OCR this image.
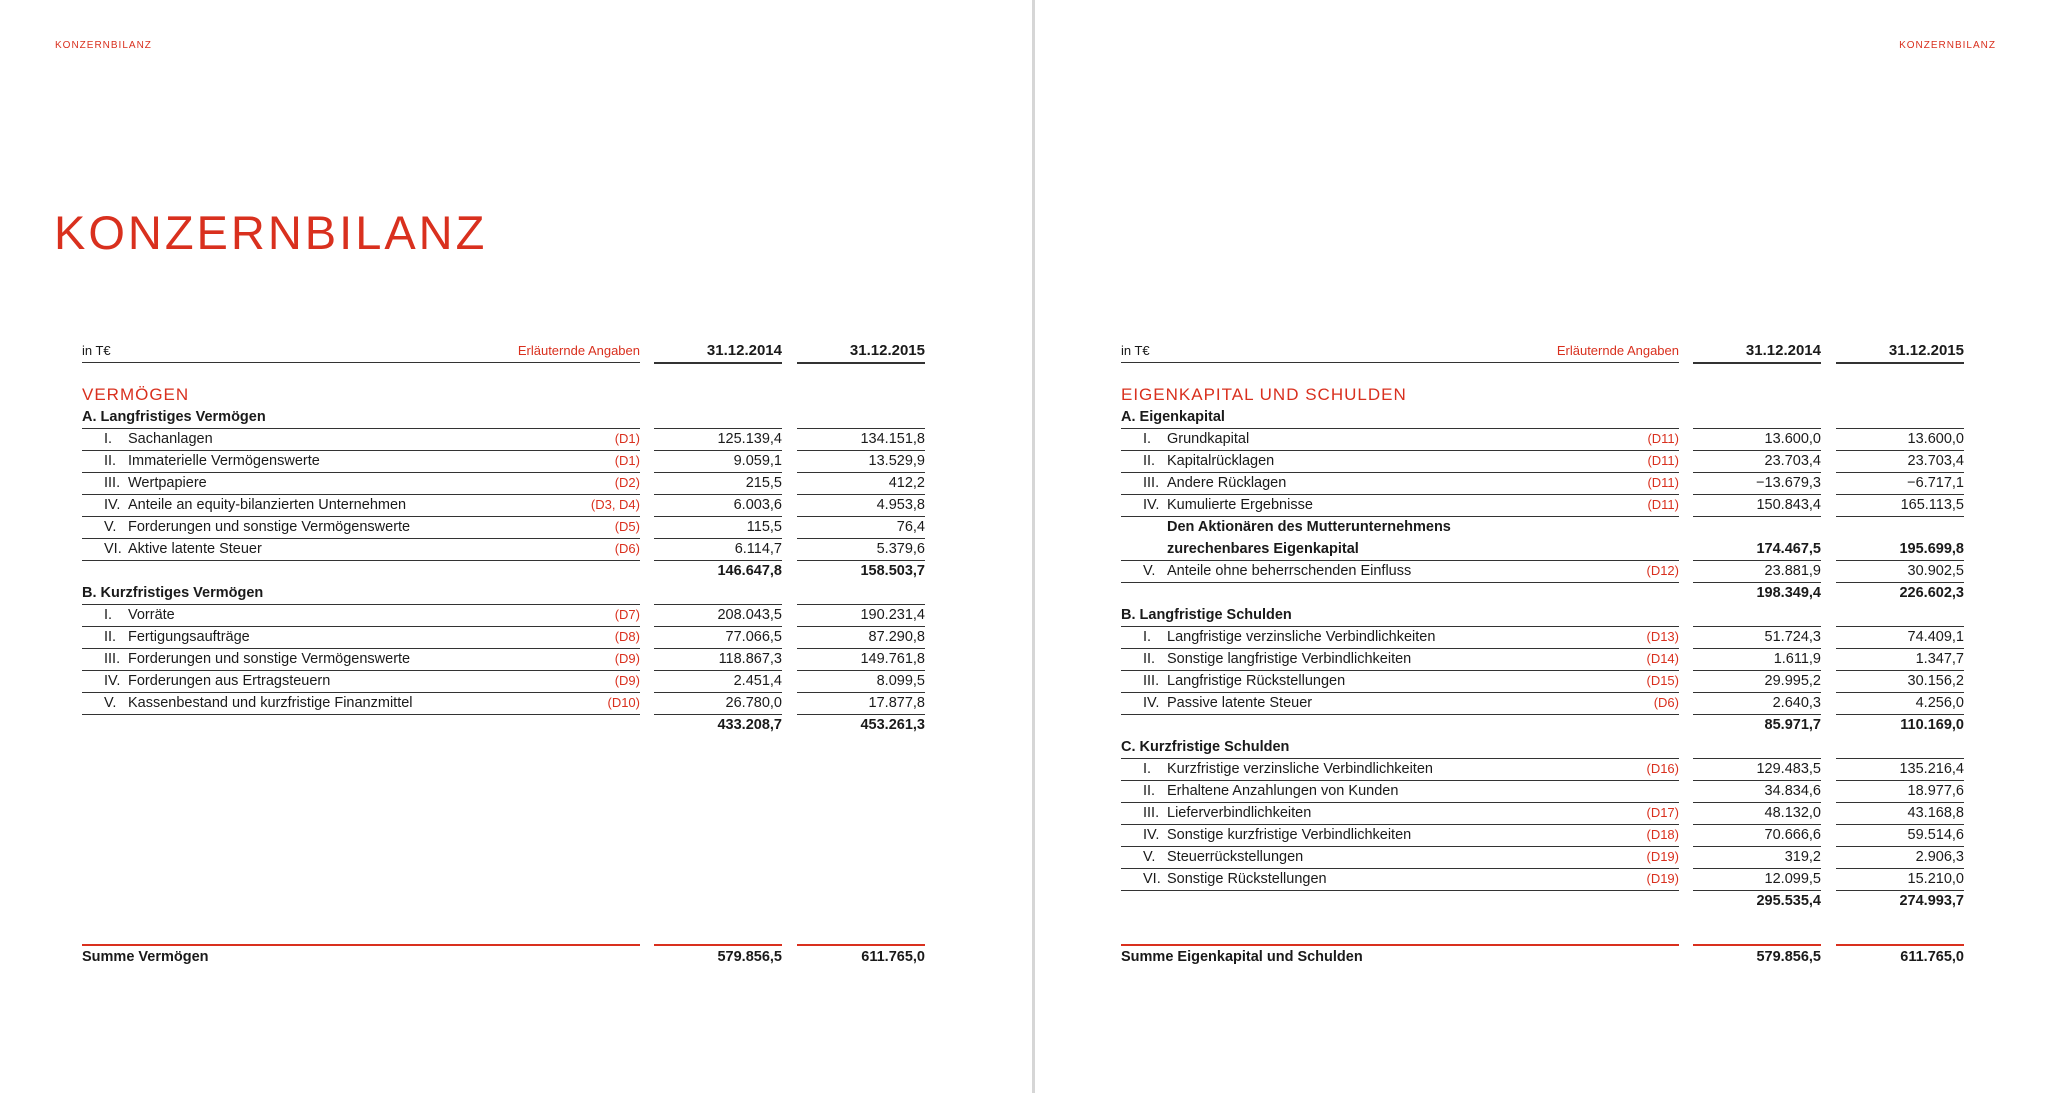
KONZERNBILANZ	KONZERNBILANZ
KONZERNBILANZ
in T€	Erläuternde Angaben	31.12.2014	31.12.2015
VERMÖGEN
A. Langfristiges Vermögen
I. Sachanlagen	(D1)	125.139,4	134.151,8
II. Immaterielle Vermögenswerte	(D1)	9.059,1	13.529,9
III. Wertpapiere	(D2)	215,5	412,2
IV. Anteile an equity-bilanzierten Unternehmen	(D3, D4)	6.003,6	4.953,8
V. Forderungen und sonstige Vermögenswerte	(D5)	115,5	76,4
VI. Aktive latente Steuer	(D6)	6.114,7	5.379,6
146.647,8	158.503,7
B. Kurzfristiges Vermögen
I. Vorräte	(D7)	208.043,5	190.231,4
II. Fertigungsaufträge	(D8)	77.066,5	87.290,8
III. Forderungen und sonstige Vermögenswerte	(D9)	118.867,3	149.761,8
IV. Forderungen aus Ertragsteuern	(D9)	2.451,4	8.099,5
V. Kassenbestand und kurzfristige Finanzmittel	(D10)	26.780,0	17.877,8
433.208,7	453.261,3
Summe Vermögen	579.856,5	611.765,0
in T€	Erläuternde Angaben	31.12.2014	31.12.2015
EIGENKAPITAL UND SCHULDEN
A. Eigenkapital
I. Grundkapital	(D11)	13.600,0	13.600,0
II. Kapitalrücklagen	(D11)	23.703,4	23.703,4
III. Andere Rücklagen	(D11)	−13.679,3	−6.717,1
IV. Kumulierte Ergebnisse	(D11)	150.843,4	165.113,5
Den Aktionären des Mutterunternehmens
zurechenbares Eigenkapital	174.467,5	195.699,8
V. Anteile ohne beherrschenden Einfluss	(D12)	23.881,9	30.902,5
198.349,4	226.602,3
B. Langfristige Schulden
I. Langfristige verzinsliche Verbindlichkeiten	(D13)	51.724,3	74.409,1
II. Sonstige langfristige Verbindlichkeiten	(D14)	1.611,9	1.347,7
III. Langfristige Rückstellungen	(D15)	29.995,2	30.156,2
IV. Passive latente Steuer	(D6)	2.640,3	4.256,0
85.971,7	110.169,0
C. Kurzfristige Schulden
I. Kurzfristige verzinsliche Verbindlichkeiten	(D16)	129.483,5	135.216,4
II. Erhaltene Anzahlungen von Kunden	34.834,6	18.977,6
III. Lieferverbindlichkeiten	(D17)	48.132,0	43.168,8
IV. Sonstige kurzfristige Verbindlichkeiten	(D18)	70.666,6	59.514,6
V. Steuerrückstellungen	(D19)	319,2	2.906,3
VI. Sonstige Rückstellungen	(D19)	12.099,5	15.210,0
295.535,4	274.993,7
Summe Eigenkapital und Schulden	579.856,5	611.765,0
